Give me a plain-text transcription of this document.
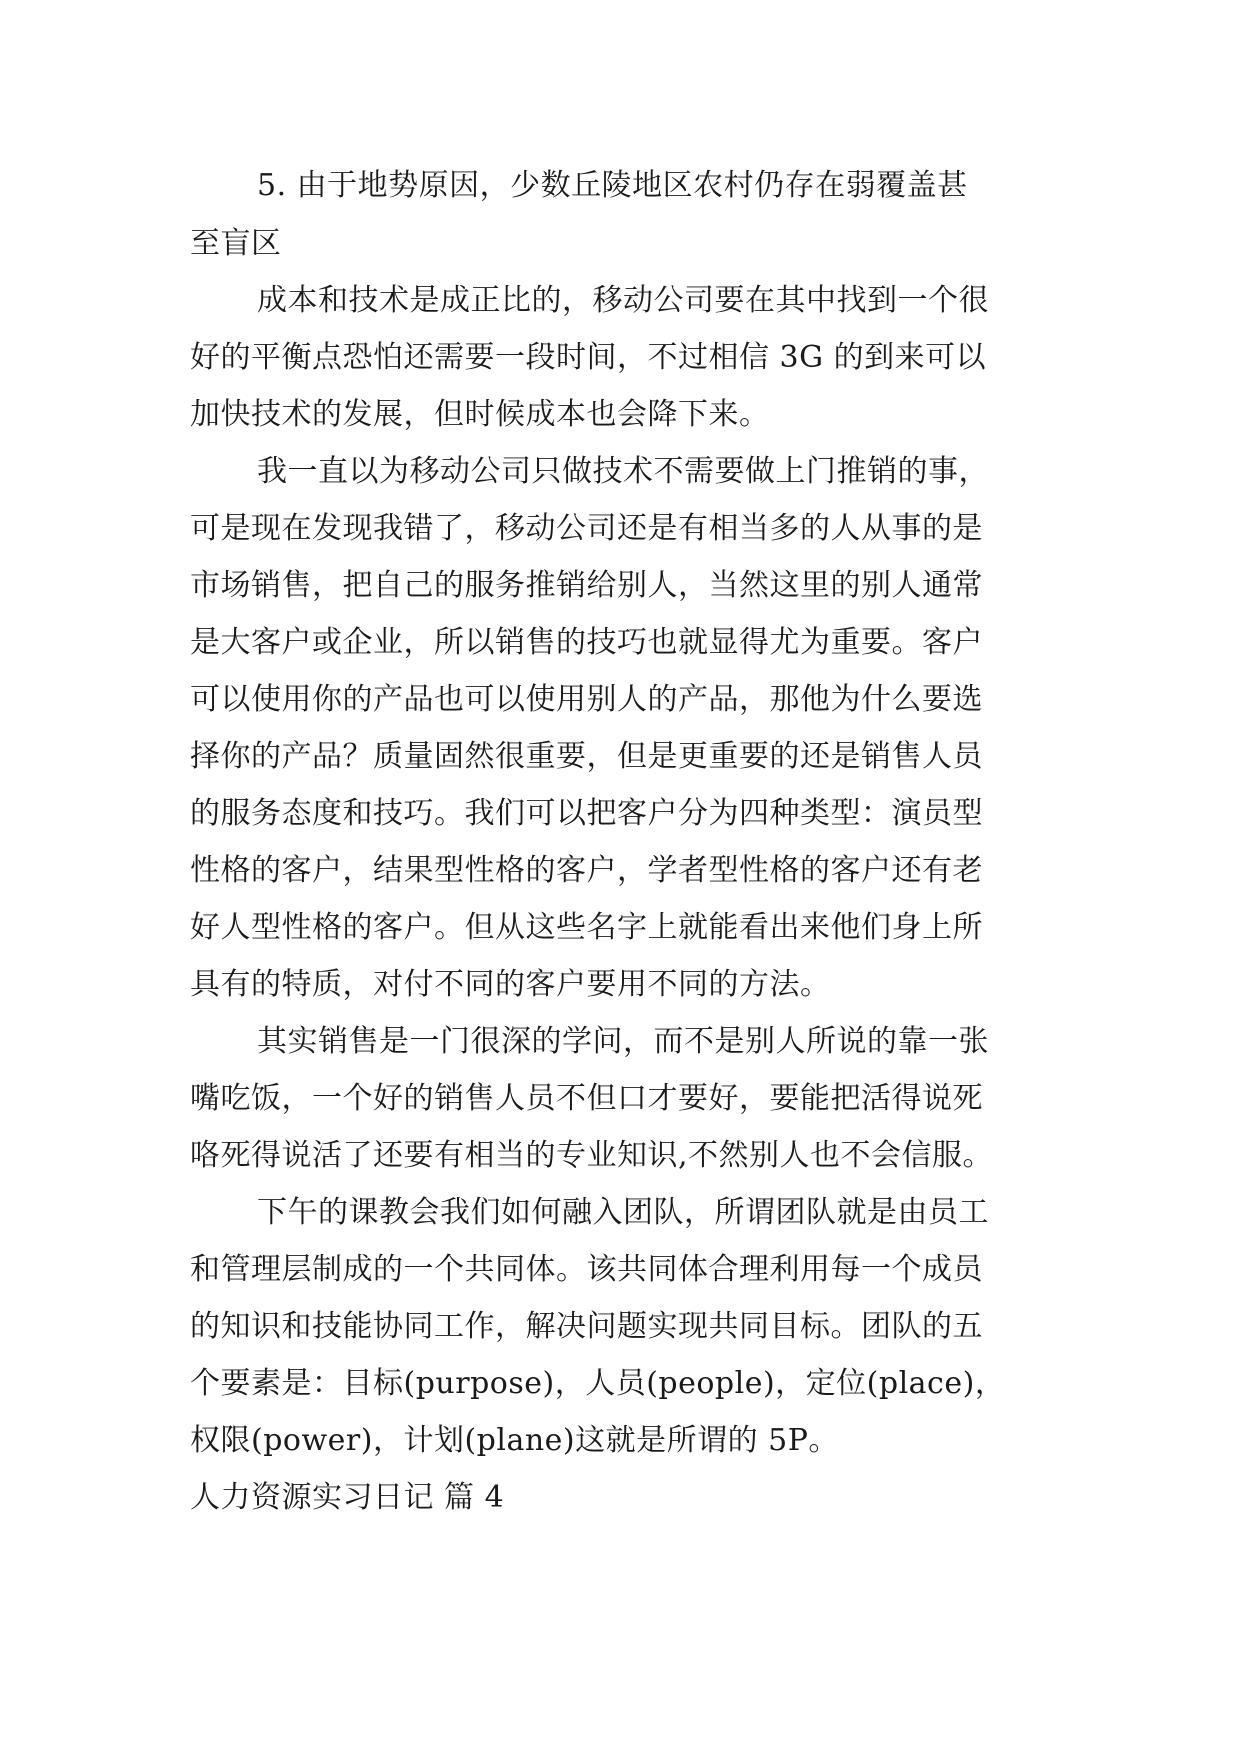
5. 由于地势原因，少数丘陵地区农村仍存在弱覆盖甚
至盲区
成本和技术是成正比的，移动公司要在其中找到一个很
好的平衡点恐怕还需要一段时间，不过相信 3G 的到来可以
加快技术的发展，但时候成本也会降下来。
我一直以为移动公司只做技术不需要做上门推销的事，
可是现在发现我错了，移动公司还是有相当多的人从事的是
市场销售，把自己的服务推销给别人，当然这里的别人通常
是大客户或企业，所以销售的技巧也就显得尤为重要。客户
可以使用你的产品也可以使用别人的产品，那他为什么要选
择你的产品？质量固然很重要，但是更重要的还是销售人员
的服务态度和技巧。我们可以把客户分为四种类型：演员型
性格的客户，结果型性格的客户，学者型性格的客户还有老
好人型性格的客户。但从这些名字上就能看出来他们身上所
具有的特质，对付不同的客户要用不同的方法。
其实销售是一门很深的学问，而不是别人所说的靠一张
嘴吃饭，一个好的销售人员不但口才要好，要能把活得说死
咯死得说活了还要有相当的专业知识,不然别人也不会信服。
下午的课教会我们如何融入团队，所谓团队就是由员工
和管理层制成的一个共同体。该共同体合理利用每一个成员
的知识和技能协同工作，解决问题实现共同目标。团队的五
个要素是：目标(purpose)，人员(people)，定位(place)，
权限(power)，计划(plane)这就是所谓的 5P。
人力资源实习日记 篇 4
